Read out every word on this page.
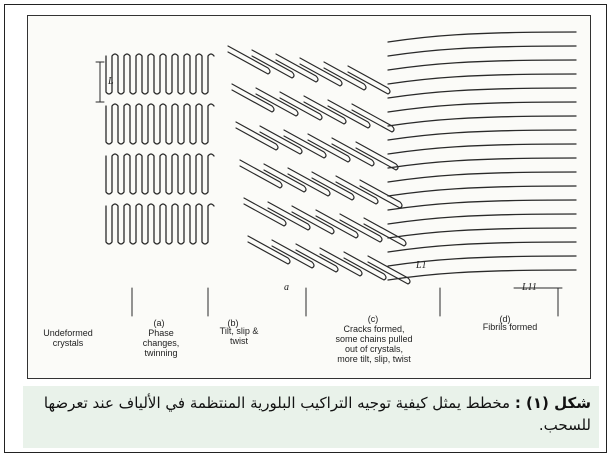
L
L1
L11
a
(a)	(b)	(c)	(d)
Undeformed
crystals
Phase
changes,
twinning
Tilt, slip &
twist
Cracks formed,
some chains pulled
out of crystals,
more tilt, slip, twist
Fibrils formed
شكل (١) : مخطط يمثل كيفية توجيه التراكيب البلورية المنتظمة في الألياف عند تعرضها للسحب.
